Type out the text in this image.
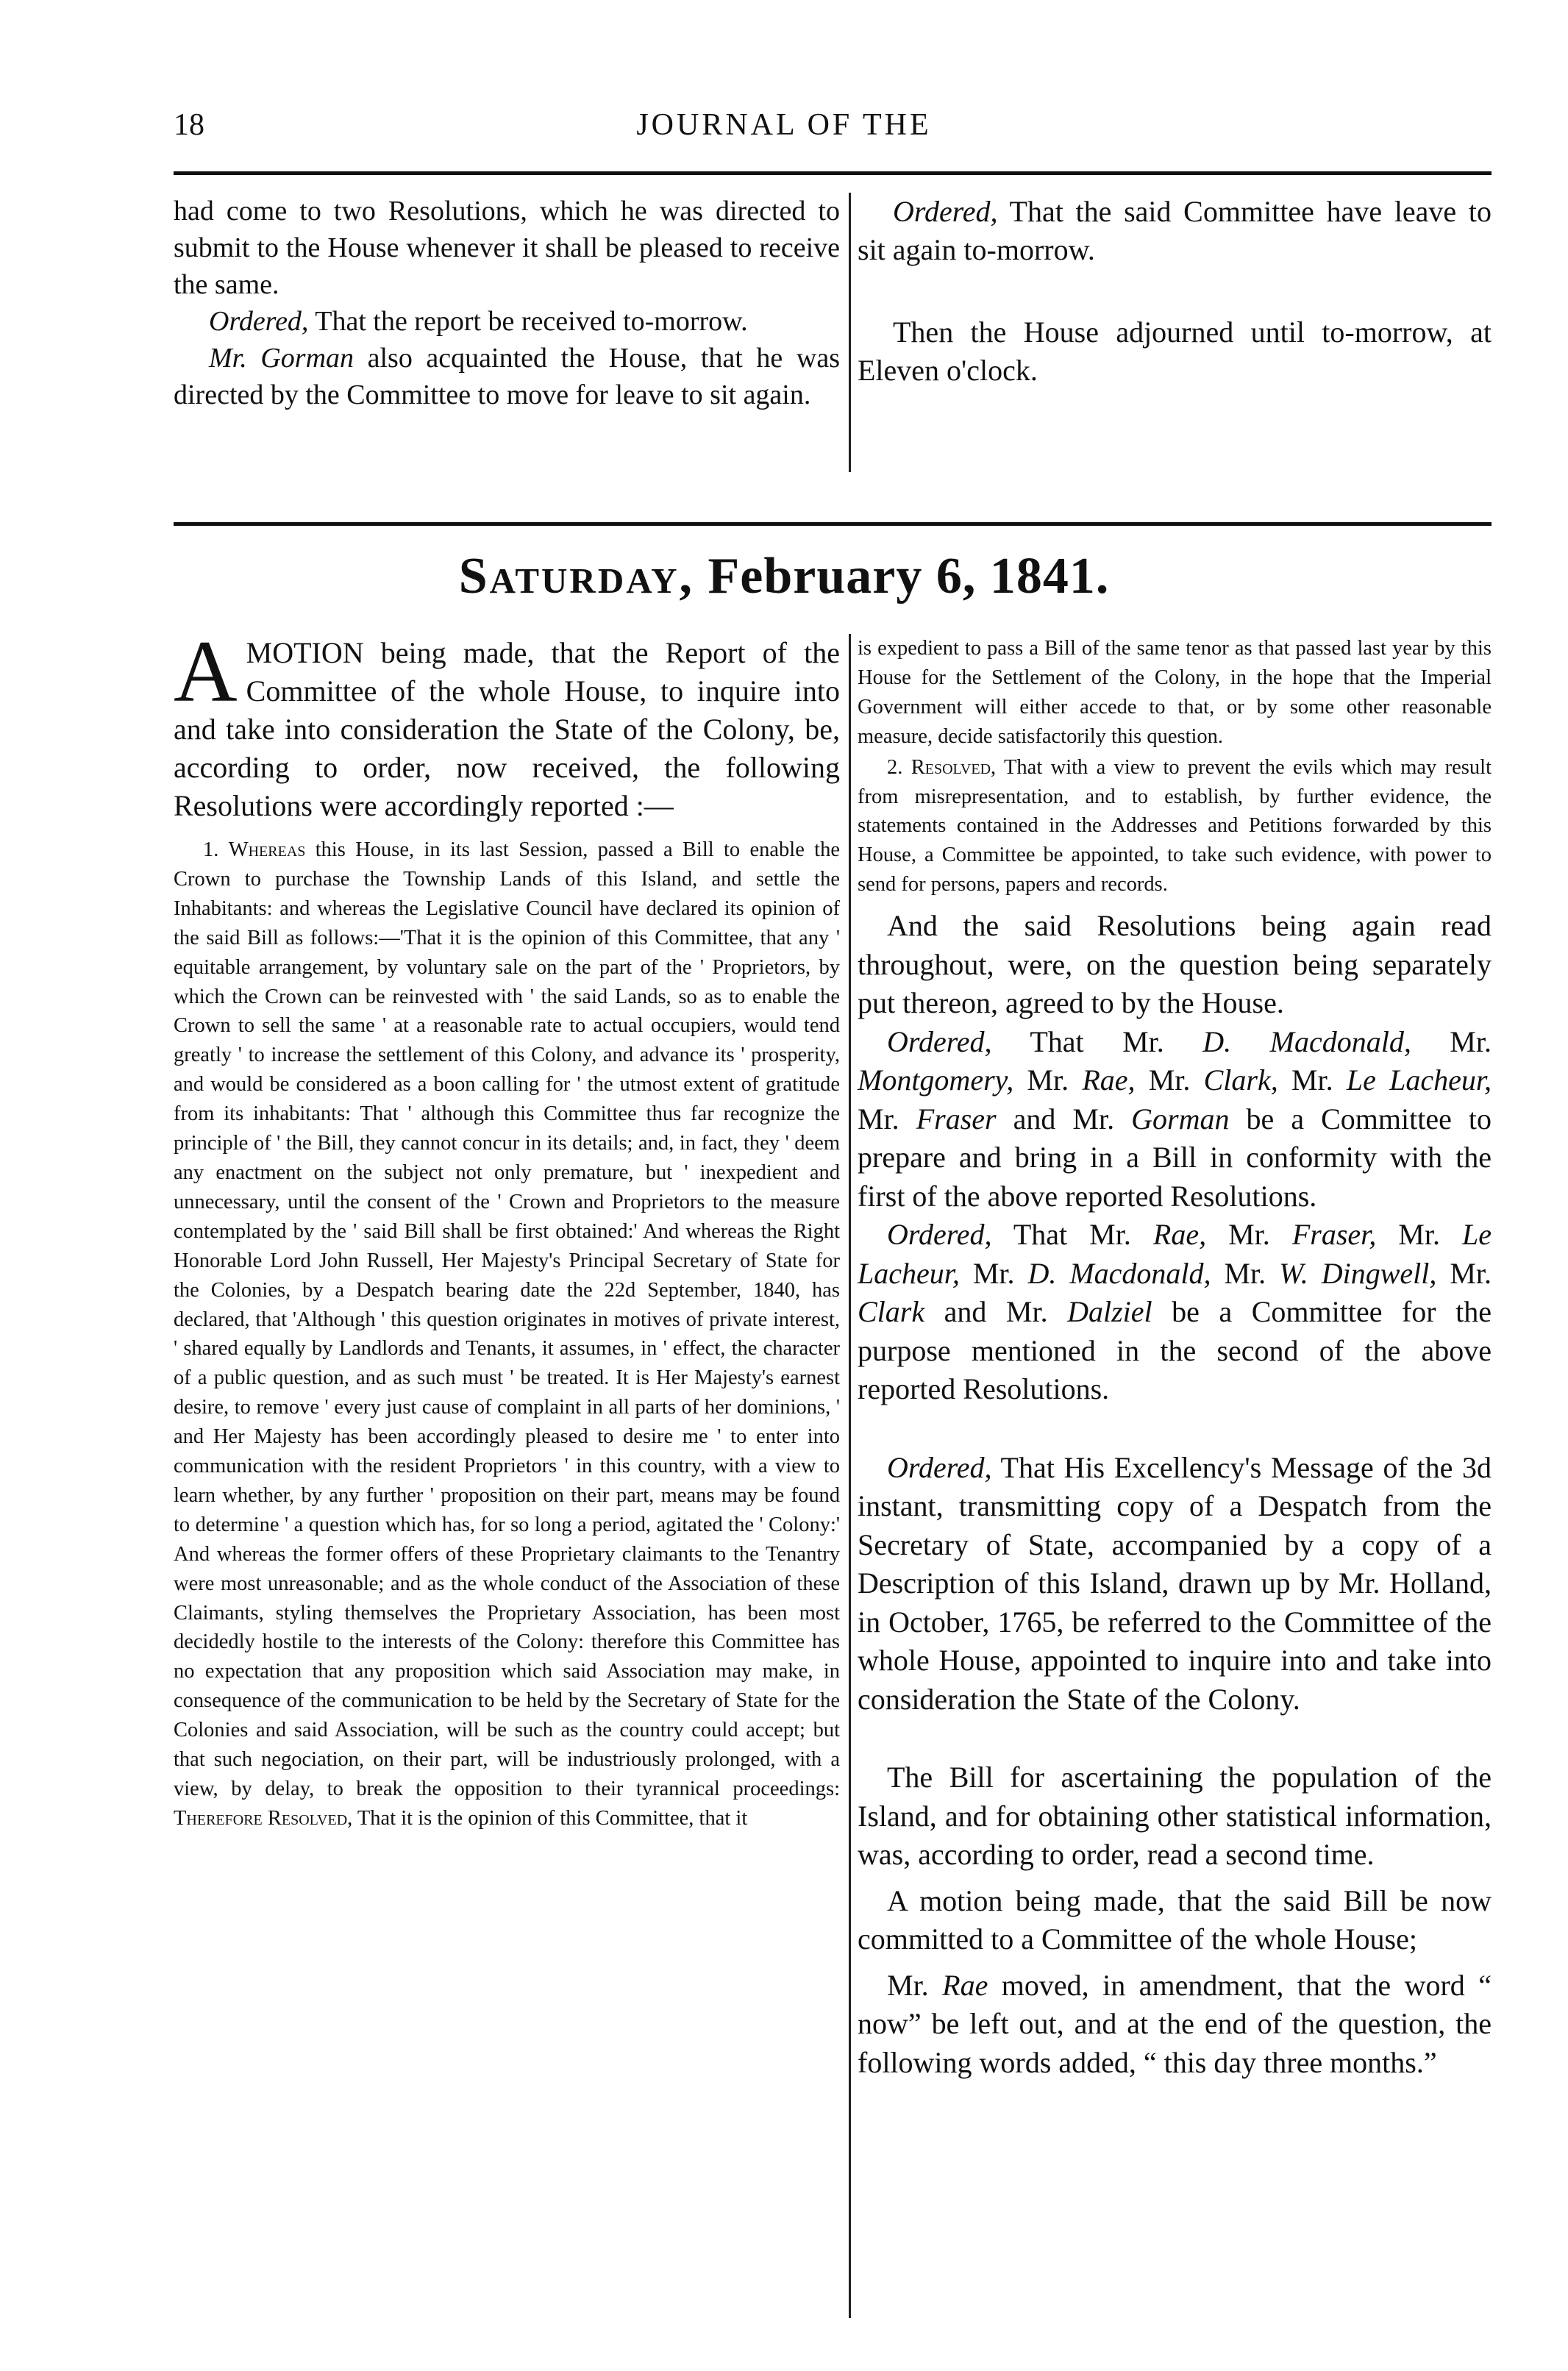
18	JOURNAL OF THE

had come to two Resolutions, which he was directed to submit to the House whenever it shall be pleased to receive the same.

Ordered, That the report be received to-morrow.

Mr. Gorman also acquainted the House, that he was directed by the Committee to move for leave to sit again.

Ordered, That the said Committee have leave to sit again to-morrow.

Then the House adjourned until to-morrow, at Eleven o'clock.

Saturday, February 6, 1841.

AMOTION being made, that the Report of the Committee of the whole House, to inquire into and take into consideration the State of the Colony, be, according to order, now received, the following Resolutions were accordingly reported :—

1. Whereas this House, in its last Session, passed a Bill to enable the Crown to purchase the Township Lands of this Island, and settle the Inhabitants: and whereas the Legislative Council have declared its opinion of the said Bill as follows:—'That it is the opinion of this Committee, that any ' equitable arrangement, by voluntary sale on the part of the ' Proprietors, by which the Crown can be reinvested with ' the said Lands, so as to enable the Crown to sell the same ' at a reasonable rate to actual occupiers, would tend greatly ' to increase the settlement of this Colony, and advance its ' prosperity, and would be considered as a boon calling for ' the utmost extent of gratitude from its inhabitants: That ' although this Committee thus far recognize the principle of ' the Bill, they cannot concur in its details; and, in fact, they ' deem any enactment on the subject not only premature, but ' inexpedient and unnecessary, until the consent of the ' Crown and Proprietors to the measure contemplated by the ' said Bill shall be first obtained:' And whereas the Right Honorable Lord John Russell, Her Majesty's Principal Secretary of State for the Colonies, by a Despatch bearing date the 22d September, 1840, has declared, that 'Although ' this question originates in motives of private interest, ' shared equally by Landlords and Tenants, it assumes, in ' effect, the character of a public question, and as such must ' be treated. It is Her Majesty's earnest desire, to remove ' every just cause of complaint in all parts of her dominions, ' and Her Majesty has been accordingly pleased to desire me ' to enter into communication with the resident Proprietors ' in this country, with a view to learn whether, by any further ' proposition on their part, means may be found to determine ' a question which has, for so long a period, agitated the ' Colony:' And whereas the former offers of these Proprietary claimants to the Tenantry were most unreasonable; and as the whole conduct of the Association of these Claimants, styling themselves the Proprietary Association, has been most decidedly hostile to the interests of the Colony: therefore this Committee has no expectation that any proposition which said Association may make, in consequence of the communication to be held by the Secretary of State for the Colonies and said Association, will be such as the country could accept; but that such negociation, on their part, will be industriously prolonged, with a view, by delay, to break the opposition to their tyrannical proceedings: Therefore Resolved, That it is the opinion of this Committee, that it

is expedient to pass a Bill of the same tenor as that passed last year by this House for the Settlement of the Colony, in the hope that the Imperial Government will either accede to that, or by some other reasonable measure, decide satisfactorily this question.

2. Resolved, That with a view to prevent the evils which may result from misrepresentation, and to establish, by further evidence, the statements contained in the Addresses and Petitions forwarded by this House, a Committee be appointed, to take such evidence, with power to send for persons, papers and records.

And the said Resolutions being again read throughout, were, on the question being separately put thereon, agreed to by the House.

Ordered, That Mr. D. Macdonald, Mr. Montgomery, Mr. Rae, Mr. Clark, Mr. Le Lacheur, Mr. Fraser and Mr. Gorman be a Committee to prepare and bring in a Bill in conformity with the first of the above reported Resolutions.

Ordered, That Mr. Rae, Mr. Fraser, Mr. Le Lacheur, Mr. D. Macdonald, Mr. W. Dingwell, Mr. Clark and Mr. Dalziel be a Committee for the purpose mentioned in the second of the above reported Resolutions.

Ordered, That His Excellency's Message of the 3d instant, transmitting copy of a Despatch from the Secretary of State, accompanied by a copy of a Description of this Island, drawn up by Mr. Holland, in October, 1765, be referred to the Committee of the whole House, appointed to inquire into and take into consideration the State of the Colony.

The Bill for ascertaining the population of the Island, and for obtaining other statistical information, was, according to order, read a second time.

A motion being made, that the said Bill be now committed to a Committee of the whole House;

Mr. Rae moved, in amendment, that the word “ now” be left out, and at the end of the question, the following words added, “ this day three months.”
